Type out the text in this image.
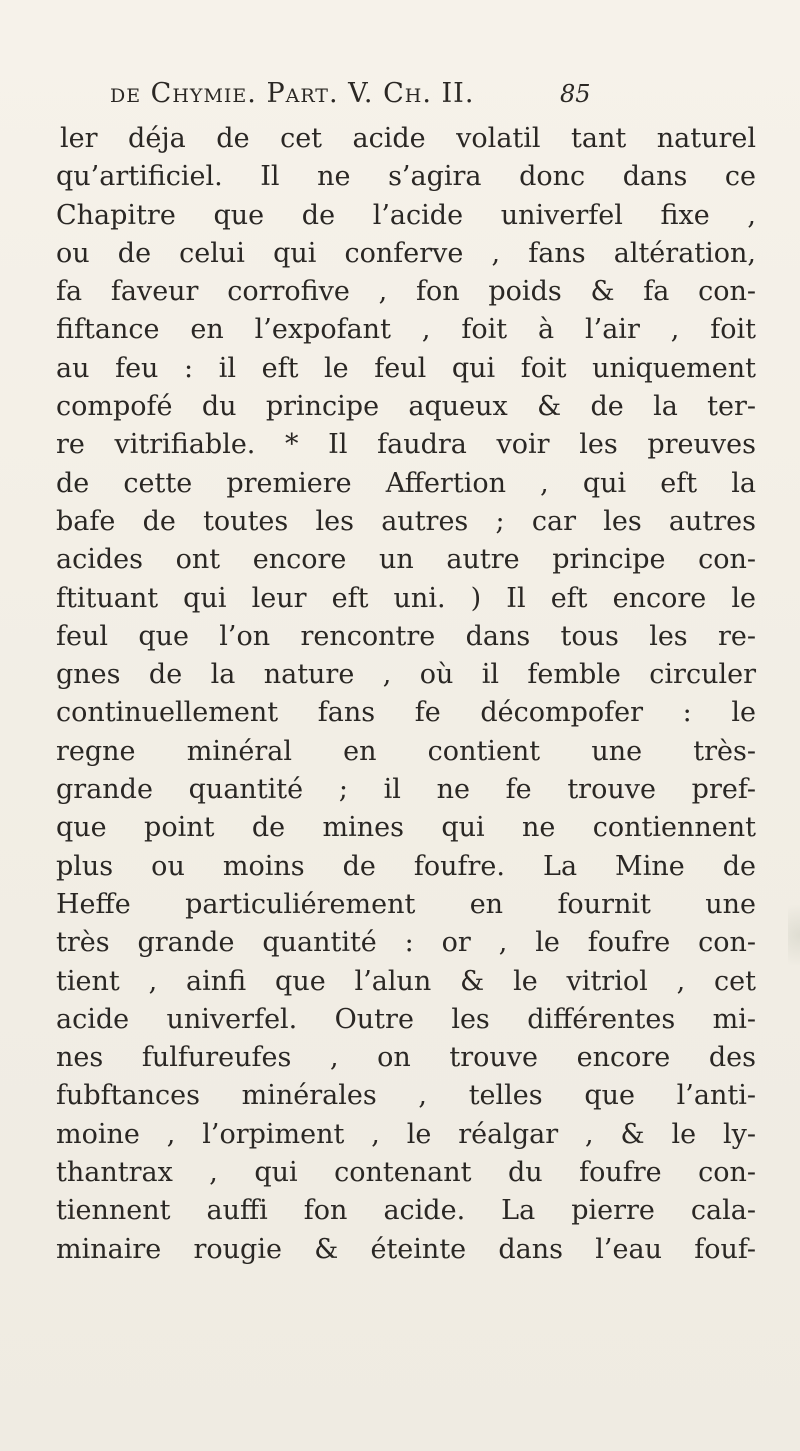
de Chymie. Part. V. Ch. II.	85
ler déja de cet acide volatil tant naturel
qu’artificiel. Il ne s’agira donc dans ce
Chapitre que de l’acide univerfel fixe ,
ou de celui qui conferve , fans altération,
fa faveur corrofive , fon poids & fa con-
fiftance en l’expofant , foit à l’air , foit
au feu : il eft le feul qui foit uniquement
compofé du principe aqueux & de la ter-
re vitrifiable. * Il faudra voir les preuves
de cette premiere Affertion , qui eft la
bafe de toutes les autres ; car les autres
acides ont encore un autre principe con-
ftituant qui leur eft uni. ) Il eft encore le
feul que l’on rencontre dans tous les re-
gnes de la nature , où il femble circuler
continuellement fans fe décompofer : le
regne minéral en contient une très-
grande quantité ; il ne fe trouve pref-
que point de mines qui ne contiennent
plus ou moins de foufre. La Mine de
Heffe particuliérement en fournit une
très grande quantité : or , le foufre con-
tient , ainfi que l’alun & le vitriol , cet
acide univerfel. Outre les différentes mi-
nes fulfureufes , on trouve encore des
fubftances minérales , telles que l’anti-
moine , l’orpiment , le réalgar , & le ly-
thantrax , qui contenant du foufre con-
tiennent auffi fon acide. La pierre cala-
minaire rougie & éteinte dans l’eau fouf-
